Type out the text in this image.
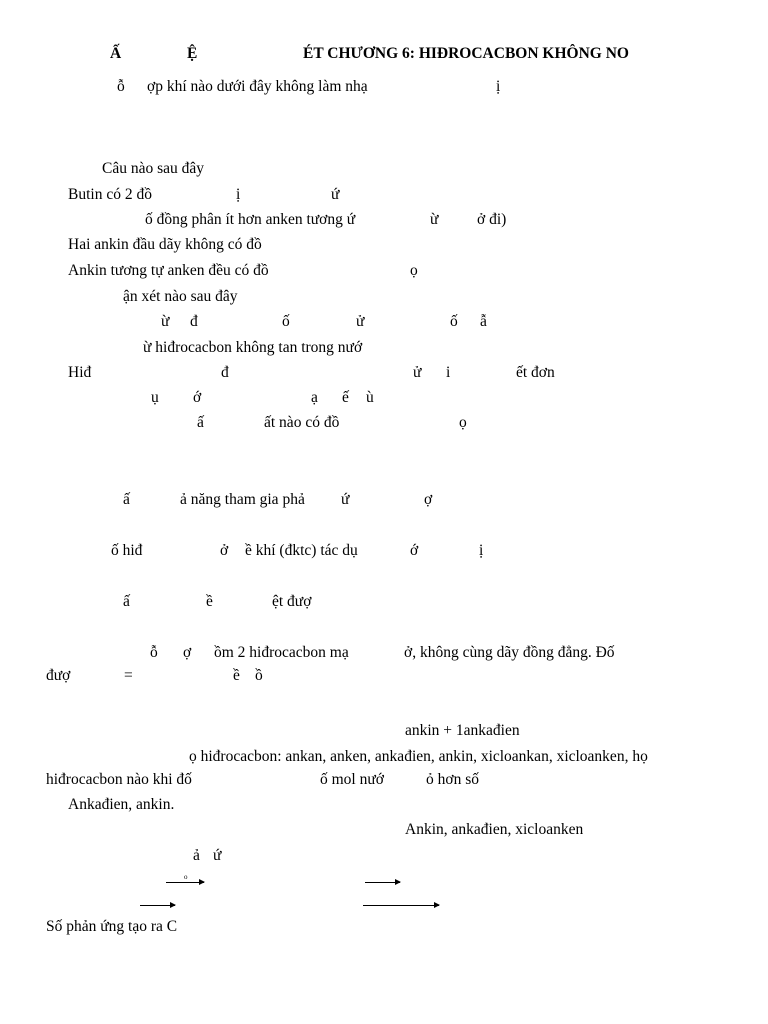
Ấ	Ệ	ÉT CHƯƠNG 6: HIĐROCACBON KHÔNG NO
ỗ ợp khí nào dưới đây không làm nhạ	ị
Câu nào sau đây
Butin có 2 đồ	ị	ứ
ố đồng phân ít hơn anken tương ứ	ừ ở đi)
Hai ankin đầu dãy không có đồ
Ankin tương tự anken đều có đồ	ọ
ận xét nào sau đây
ừ đ	ố	ử	ố ẫ
ừ hiđrocacbon không tan trong nướ
Hiđ	đ	ử i	ết đơn
ụ ớ	ạ ế ù
ấ	ất nào có đồ	ọ
ấ	ả năng tham gia phả ứ	ợ
ố hiđ	ở ề khí (đktc) tác dụ	ớ	ị
ấ	ề	ệt đượ
ỗ ợ ồm 2 hiđrocacbon mạ	ở, không cùng dãy đồng đẳng. Đố
đượ	=	ề ồ
ankin + 1ankađien
ọ hiđrocacbon: ankan, anken, ankađien, ankin, xicloankan, xicloanken, họ
hiđrocacbon nào khi đố	ố mol nướ	ỏ hơn số
Ankađien, ankin.
Ankin, ankađien, xicloanken
ả ứ
o
Số phản ứng tạo ra C
